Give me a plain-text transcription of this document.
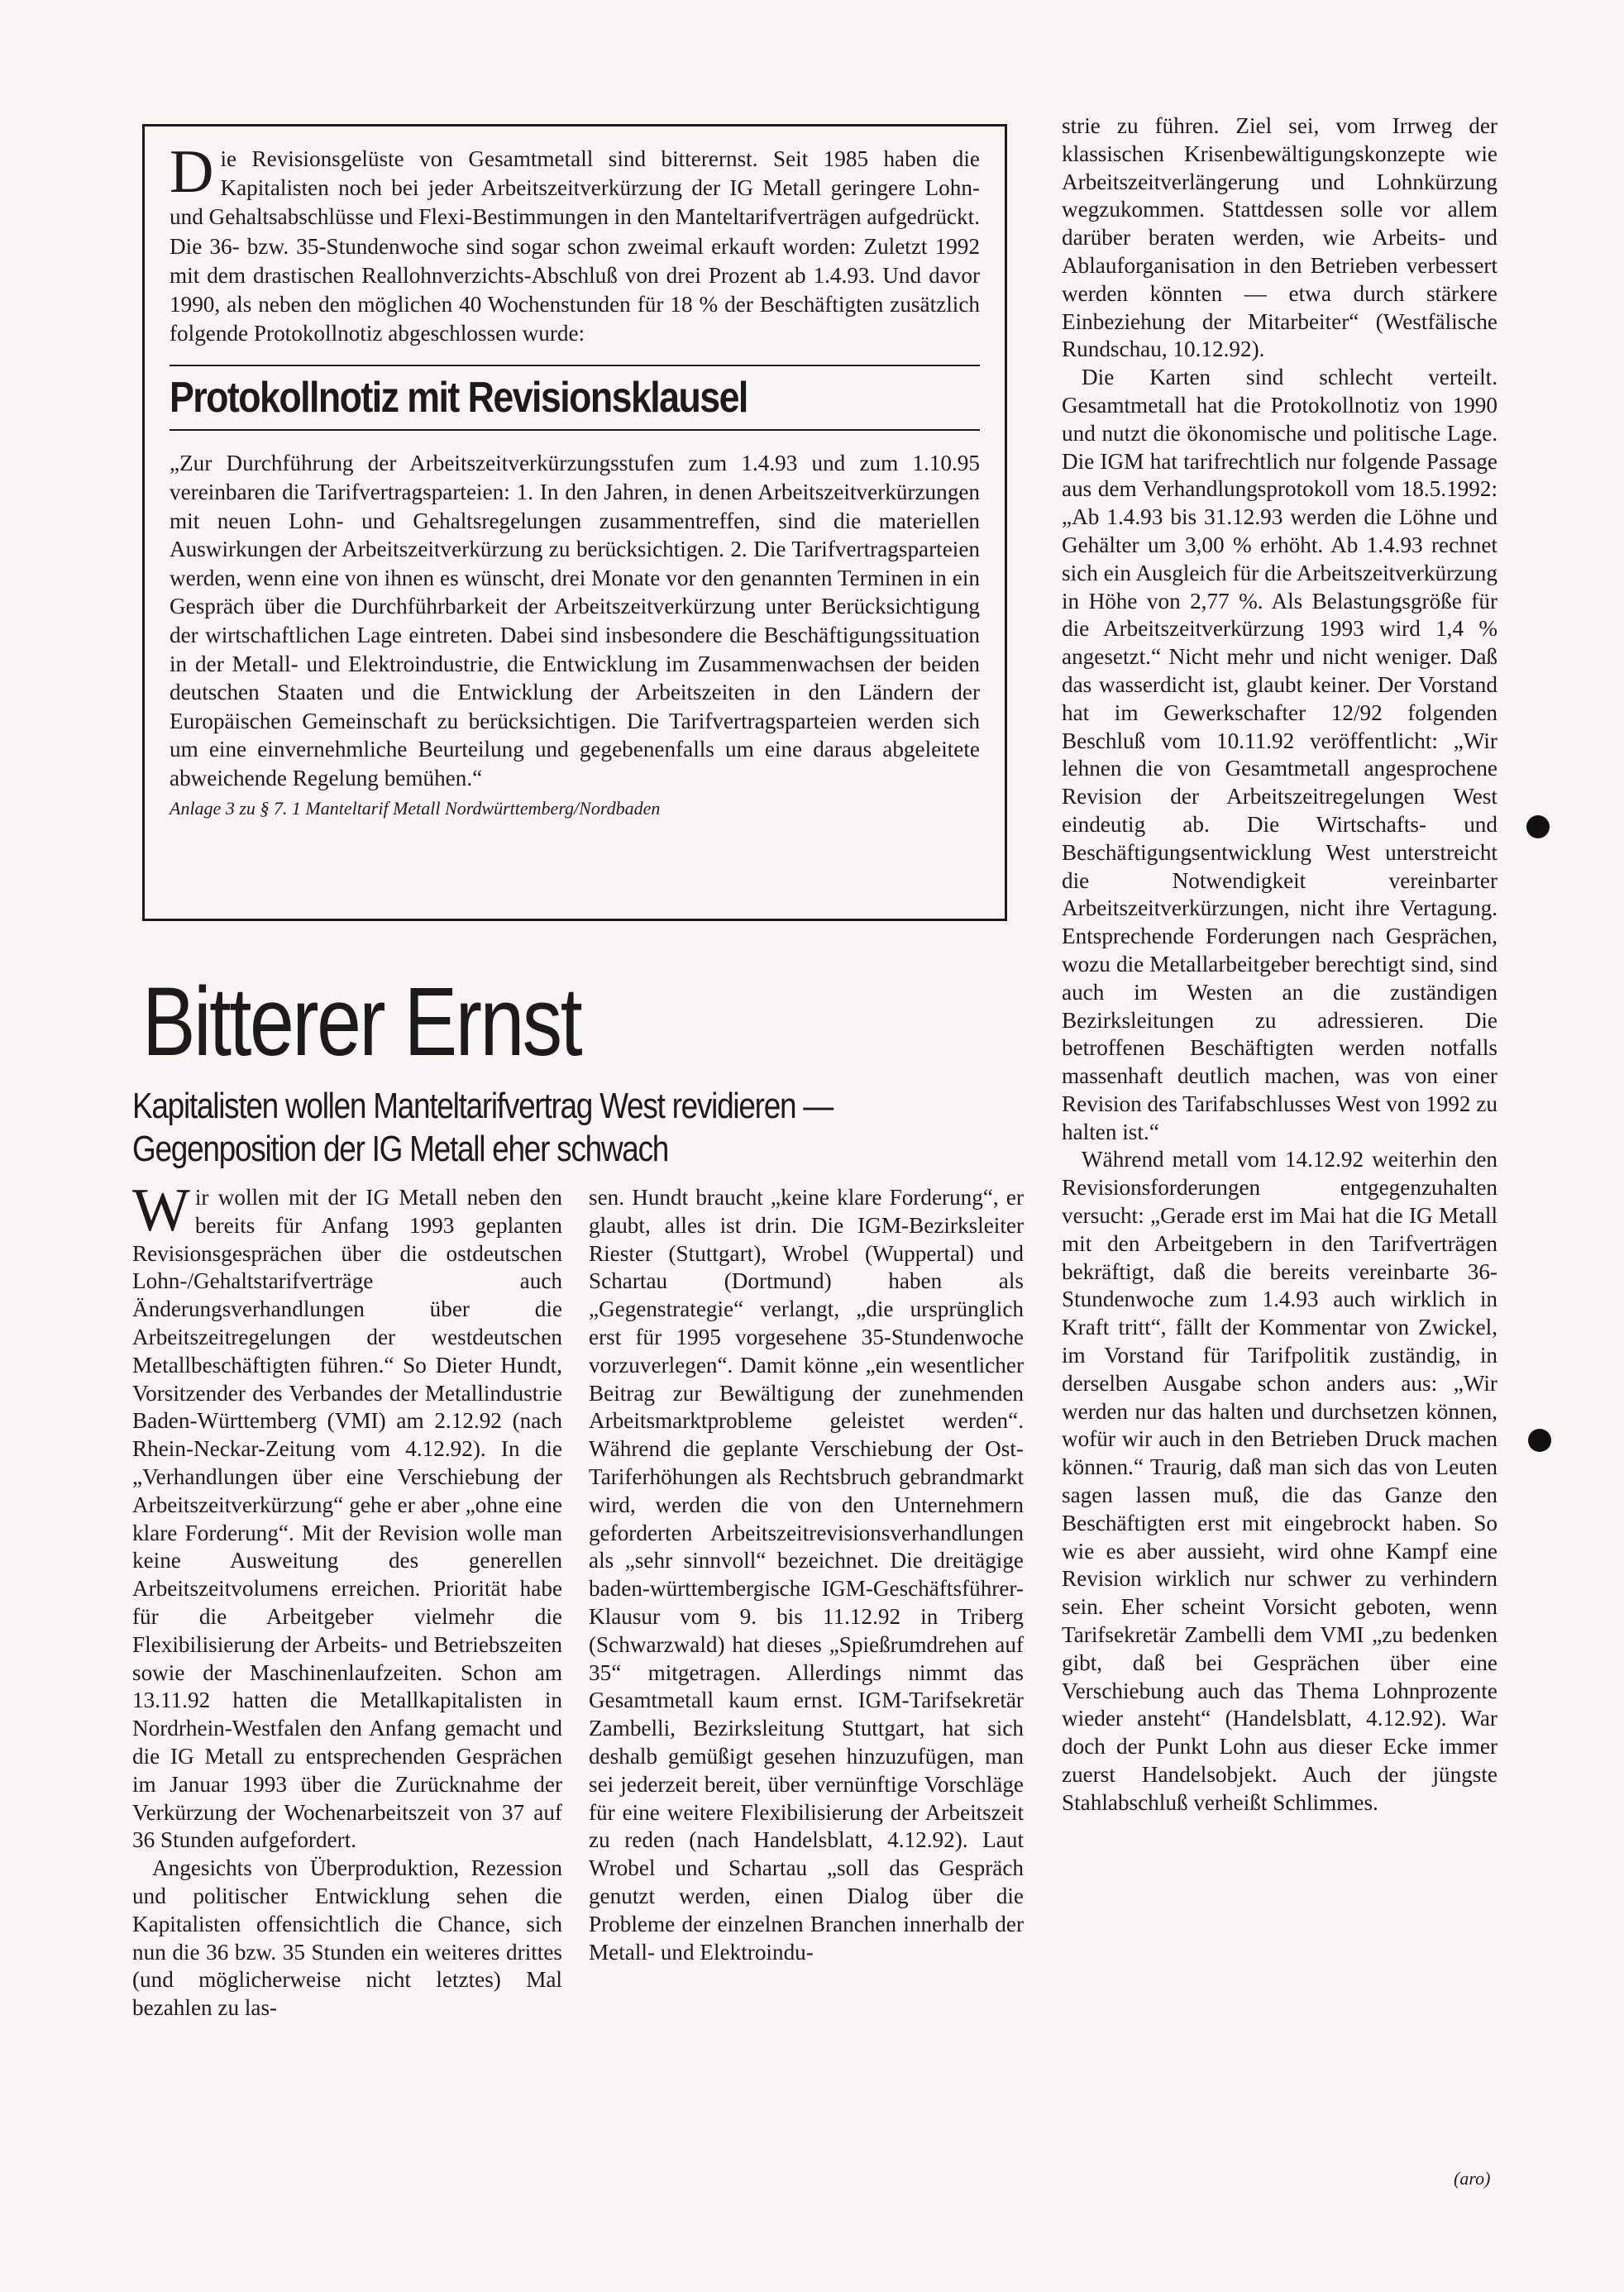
Die Revisionsgelüste von Gesamtmetall sind bitterernst. Seit 1985 haben die Kapitalisten noch bei jeder Arbeitszeitverkürzung der IG Metall geringere Lohn- und Gehaltsabschlüsse und Flexi-Bestimmungen in den Manteltarifverträgen aufgedrückt. Die 36- bzw. 35-Stundenwoche sind sogar schon zweimal erkauft worden: Zuletzt 1992 mit dem drastischen Reallohnverzichts-Abschluß von drei Prozent ab 1.4.93. Und davor 1990, als neben den möglichen 40 Wochenstunden für 18 % der Beschäftigten zusätzlich folgende Protokollnotiz abgeschlossen wurde:

Protokollnotiz mit Revisionsklausel

„Zur Durchführung der Arbeitszeitverkürzungsstufen zum 1.4.93 und zum 1.10.95 vereinbaren die Tarifvertragsparteien: 1. In den Jahren, in denen Arbeitszeitverkürzungen mit neuen Lohn- und Gehaltsregelungen zusammentreffen, sind die materiellen Auswirkungen der Arbeitszeitverkürzung zu berücksichtigen. 2. Die Tarifvertragsparteien werden, wenn eine von ihnen es wünscht, drei Monate vor den genannten Terminen in ein Gespräch über die Durchführbarkeit der Arbeitszeitverkürzung unter Berücksichtigung der wirtschaftlichen Lage eintreten. Dabei sind insbesondere die Beschäftigungssituation in der Metall- und Elektroindustrie, die Entwicklung im Zusammenwachsen der beiden deutschen Staaten und die Entwicklung der Arbeitszeiten in den Ländern der Europäischen Gemeinschaft zu berücksichtigen. Die Tarifvertragsparteien werden sich um eine einvernehmliche Beurteilung und gegebenenfalls um eine daraus abgeleitete abweichende Regelung bemühen.“

Anlage 3 zu § 7. 1 Manteltarif Metall Nordwürttemberg/Nordbaden

Bitterer Ernst
Kapitalisten wollen Manteltarifvertrag West revidieren —
Gegenposition der IG Metall eher schwach

Wir wollen mit der IG Metall neben den bereits für Anfang 1993 geplanten Revisionsgesprächen über die ostdeutschen Lohn-/Gehaltstarifverträge auch Änderungsverhandlungen über die Arbeitszeitregelungen der westdeutschen Metallbeschäftigten führen.“ So Dieter Hundt, Vorsitzender des Verbandes der Metallindustrie Baden-Württemberg (VMI) am 2.12.92 (nach Rhein-Neckar-Zeitung vom 4.12.92). In die „Verhandlungen über eine Verschiebung der Arbeitszeitverkürzung“ gehe er aber „ohne eine klare Forderung“. Mit der Revision wolle man keine Ausweitung des generellen Arbeitszeitvolumens erreichen. Priorität habe für die Arbeitgeber vielmehr die Flexibilisierung der Arbeits- und Betriebszeiten sowie der Maschinenlaufzeiten. Schon am 13.11.92 hatten die Metallkapitalisten in Nordrhein-Westfalen den Anfang gemacht und die IG Metall zu entsprechenden Gesprächen im Januar 1993 über die Zurücknahme der Verkürzung der Wochenarbeitszeit von 37 auf 36 Stunden aufgefordert.

Angesichts von Überproduktion, Rezession und politischer Entwicklung sehen die Kapitalisten offensichtlich die Chance, sich nun die 36 bzw. 35 Stunden ein weiteres drittes (und möglicherweise nicht letztes) Mal bezahlen zu las-

sen. Hundt braucht „keine klare Forderung“, er glaubt, alles ist drin. Die IGM-Bezirksleiter Riester (Stuttgart), Wrobel (Wuppertal) und Schartau (Dortmund) haben als „Gegenstrategie“ verlangt, „die ursprünglich erst für 1995 vorgesehene 35-Stundenwoche vorzuverlegen“. Damit könne „ein wesentlicher Beitrag zur Bewältigung der zunehmenden Arbeitsmarktprobleme geleistet werden“. Während die geplante Verschiebung der Ost-Tariferhöhungen als Rechtsbruch gebrandmarkt wird, werden die von den Unternehmern geforderten Arbeitszeitrevisionsverhandlungen als „sehr sinnvoll“ bezeichnet. Die dreitägige baden-württembergische IGM-Geschäftsführer-Klausur vom 9. bis 11.12.92 in Triberg (Schwarzwald) hat dieses „Spießrumdrehen auf 35“ mitgetragen. Allerdings nimmt das Gesamtmetall kaum ernst. IGM-Tarifsekretär Zambelli, Bezirksleitung Stuttgart, hat sich deshalb gemüßigt gesehen hinzuzufügen, man sei jederzeit bereit, über vernünftige Vorschläge für eine weitere Flexibilisierung der Arbeitszeit zu reden (nach Handelsblatt, 4.12.92). Laut Wrobel und Schartau „soll das Gespräch genutzt werden, einen Dialog über die Probleme der einzelnen Branchen innerhalb der Metall- und Elektroindu-

strie zu führen. Ziel sei, vom Irrweg der klassischen Krisenbewältigungskonzepte wie Arbeitszeitverlängerung und Lohnkürzung wegzukommen. Stattdessen solle vor allem darüber beraten werden, wie Arbeits- und Ablauforganisation in den Betrieben verbessert werden könnten — etwa durch stärkere Einbeziehung der Mitarbeiter“ (Westfälische Rundschau, 10.12.92).

Die Karten sind schlecht verteilt. Gesamtmetall hat die Protokollnotiz von 1990 und nutzt die ökonomische und politische Lage. Die IGM hat tarifrechtlich nur folgende Passage aus dem Verhandlungsprotokoll vom 18.5.1992: „Ab 1.4.93 bis 31.12.93 werden die Löhne und Gehälter um 3,00 % erhöht. Ab 1.4.93 rechnet sich ein Ausgleich für die Arbeitszeitverkürzung in Höhe von 2,77 %. Als Belastungsgröße für die Arbeitszeitverkürzung 1993 wird 1,4 % angesetzt.“ Nicht mehr und nicht weniger. Daß das wasserdicht ist, glaubt keiner. Der Vorstand hat im Gewerkschafter 12/92 folgenden Beschluß vom 10.11.92 veröffentlicht: „Wir lehnen die von Gesamtmetall angesprochene Revision der Arbeitszeitregelungen West eindeutig ab. Die Wirtschafts- und Beschäftigungsentwicklung West unterstreicht die Notwendigkeit vereinbarter Arbeitszeitverkürzungen, nicht ihre Vertagung. Entsprechende Forderungen nach Gesprächen, wozu die Metallarbeitgeber berechtigt sind, sind auch im Westen an die zuständigen Bezirksleitungen zu adressieren. Die betroffenen Beschäftigten werden notfalls massenhaft deutlich machen, was von einer Revision des Tarifabschlusses West von 1992 zu halten ist.“

Während metall vom 14.12.92 weiterhin den Revisionsforderungen entgegenzuhalten versucht: „Gerade erst im Mai hat die IG Metall mit den Arbeitgebern in den Tarifverträgen bekräftigt, daß die bereits vereinbarte 36-Stundenwoche zum 1.4.93 auch wirklich in Kraft tritt“, fällt der Kommentar von Zwickel, im Vorstand für Tarifpolitik zuständig, in derselben Ausgabe schon anders aus: „Wir werden nur das halten und durchsetzen können, wofür wir auch in den Betrieben Druck machen können.“ Traurig, daß man sich das von Leuten sagen lassen muß, die das Ganze den Beschäftigten erst mit eingebrockt haben. So wie es aber aussieht, wird ohne Kampf eine Revision wirklich nur schwer zu verhindern sein. Eher scheint Vorsicht geboten, wenn Tarifsekretär Zambelli dem VMI „zu bedenken gibt, daß bei Gesprächen über eine Verschiebung auch das Thema Lohnprozente wieder ansteht“ (Handelsblatt, 4.12.92). War doch der Punkt Lohn aus dieser Ecke immer zuerst Handelsobjekt. Auch der jüngste Stahlabschluß verheißt Schlimmes.

(aro)
